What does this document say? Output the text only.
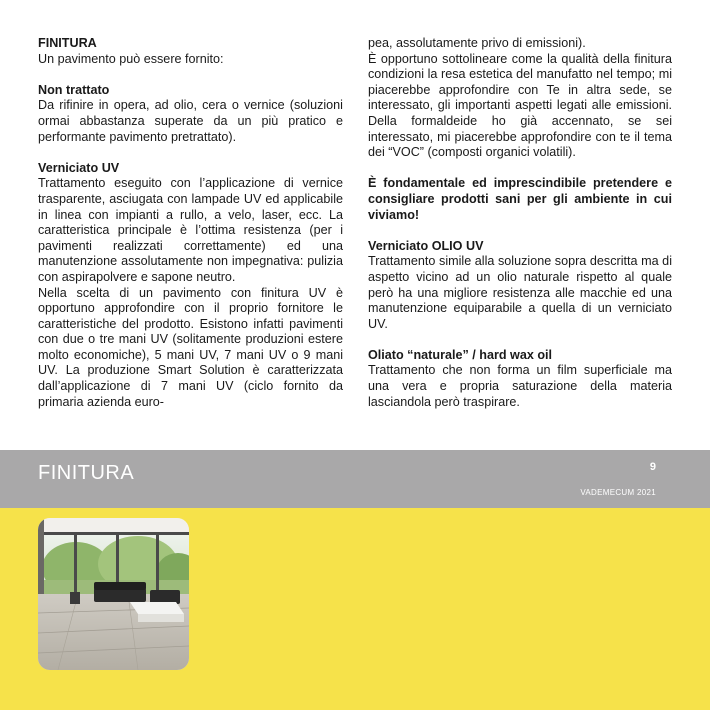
FINITURA

Un pavimento può essere fornito:

Non trattato

Da rifinire in opera, ad olio, cera o vernice (soluzioni ormai abbastanza superate da un più pratico e performante pavimento pretrattato).

Verniciato UV

Trattamento eseguito con l’applicazione di vernice trasparente, asciugata con lampade UV ed applicabile in linea con impianti a rullo, a velo, laser, ecc. La caratteristica principale è l’ottima resistenza (per i pavimenti realizzati correttamente) ed una manutenzione assolutamente non impegnativa: pulizia con aspirapolvere e sapone neutro.

Nella scelta di un pavimento con finitura UV è opportuno approfondire con il proprio fornitore le caratteristiche del prodotto. Esistono infatti pavimenti con due o tre mani UV (solitamente produzioni estere molto economiche), 5 mani UV, 7 mani UV o 9 mani UV. La produzione Smart Solution è caratterizzata dall’applicazione di 7 mani UV (ciclo fornito da primaria azienda euro-

pea, assolutamente privo di emissioni).

È opportuno sottolineare come la qualità della finitura condizioni la resa estetica del manufatto nel tempo; mi piacerebbe approfondire con Te in altra sede, se interessato, gli importanti aspetti legati alle emissioni. Della formaldeide ho già accennato, se sei interessato, mi piacerebbe approfondire con te il tema dei “VOC” (composti organici volatili).

È fondamentale ed imprescindibile pretendere e consigliare prodotti sani per gli ambiente in cui viviamo!

Verniciato OLIO UV

Trattamento simile alla soluzione sopra descritta ma di aspetto vicino ad un olio naturale rispetto al quale però ha una migliore resistenza alle macchie ed una manutenzione equiparabile a quella di un verniciato UV.

Oliato “naturale” / hard wax oil

Trattamento che non forma un film superficiale ma una vera e propria saturazione della materia lasciandola però traspirare.

FINITURA	9
VADEMECUM 2021
